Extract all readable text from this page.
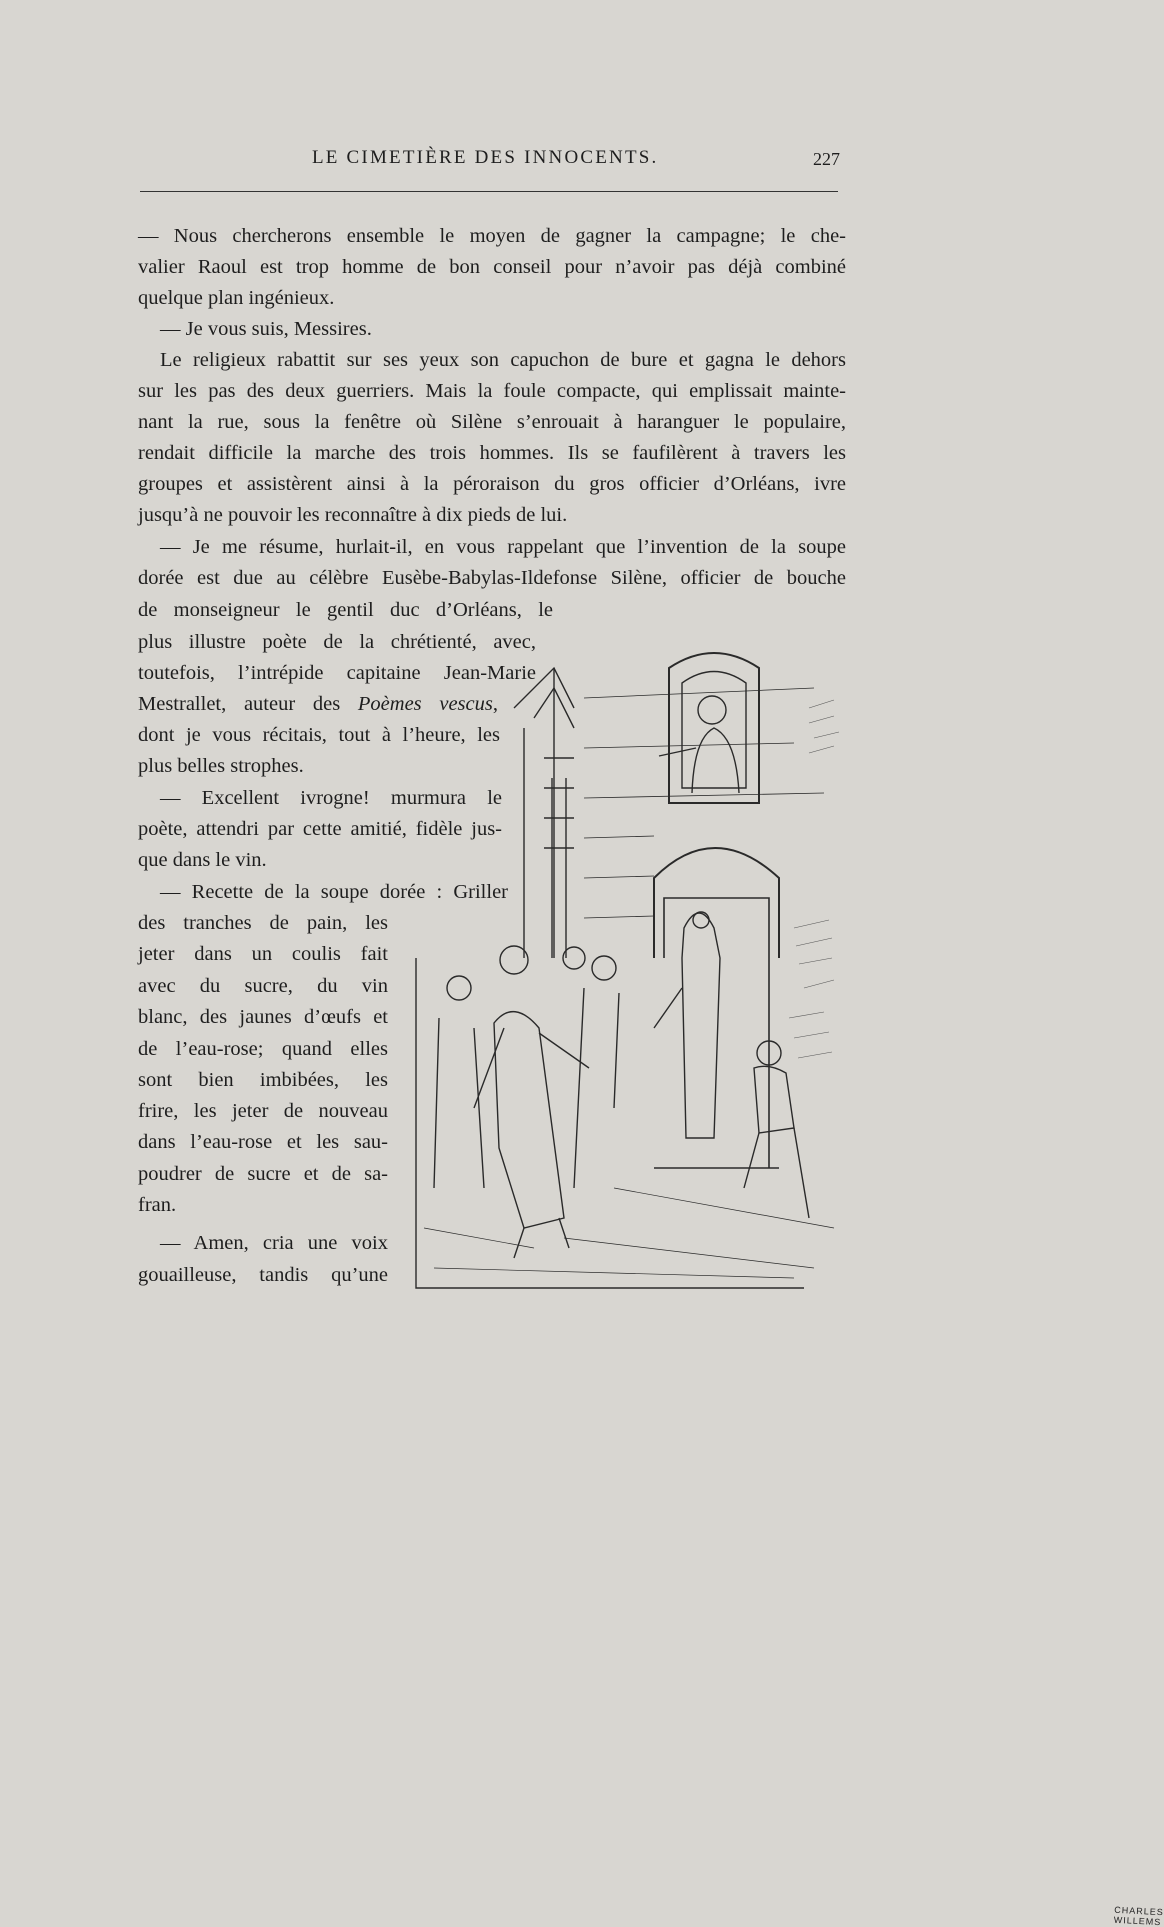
LE CIMETIÈRE DES INNOCENTS.	227
— Nous chercherons ensemble le moyen de gagner la campagne; le che-
valier Raoul est trop homme de bon conseil pour n’avoir pas déjà combiné
quelque plan ingénieux.
— Je vous suis, Messires.
Le religieux rabattit sur ses yeux son capuchon de bure et gagna le dehors
sur les pas des deux guerriers. Mais la foule compacte, qui emplissait mainte-
nant la rue, sous la fenêtre où Silène s’enrouait à haranguer le populaire,
rendait difficile la marche des trois hommes. Ils se faufilèrent à travers les
groupes et assistèrent ainsi à la péroraison du gros officier d’Orléans, ivre
jusqu’à ne pouvoir les reconnaître à dix pieds de lui.
— Je me résume, hurlait-il, en vous rappelant que l’invention de la soupe
dorée est due au célèbre Eusèbe-Babylas-Ildefonse Silène, officier de bouche
de monseigneur le gentil duc d’Orléans, le
plus illustre poète de la chrétienté, avec,
toutefois, l’intrépide capitaine Jean-Marie
Mestrallet, auteur des Poèmes vescus,
dont je vous récitais, tout à l’heure, les
plus belles strophes.
— Excellent ivrogne! murmura le
poète, attendri par cette amitié, fidèle jus-
que dans le vin.
— Recette de la soupe dorée : Griller
des tranches de pain, les
jeter dans un coulis fait
avec du sucre, du vin
blanc, des jaunes d’œufs et
de l’eau-rose; quand elles
sont bien imbibées, les
frire, les jeter de nouveau
dans l’eau-rose et les sau-
poudrer de sucre et de sa-
fran.
— Amen, cria une voix
gouailleuse, tandis qu’une
CHARLES WILLEMS
